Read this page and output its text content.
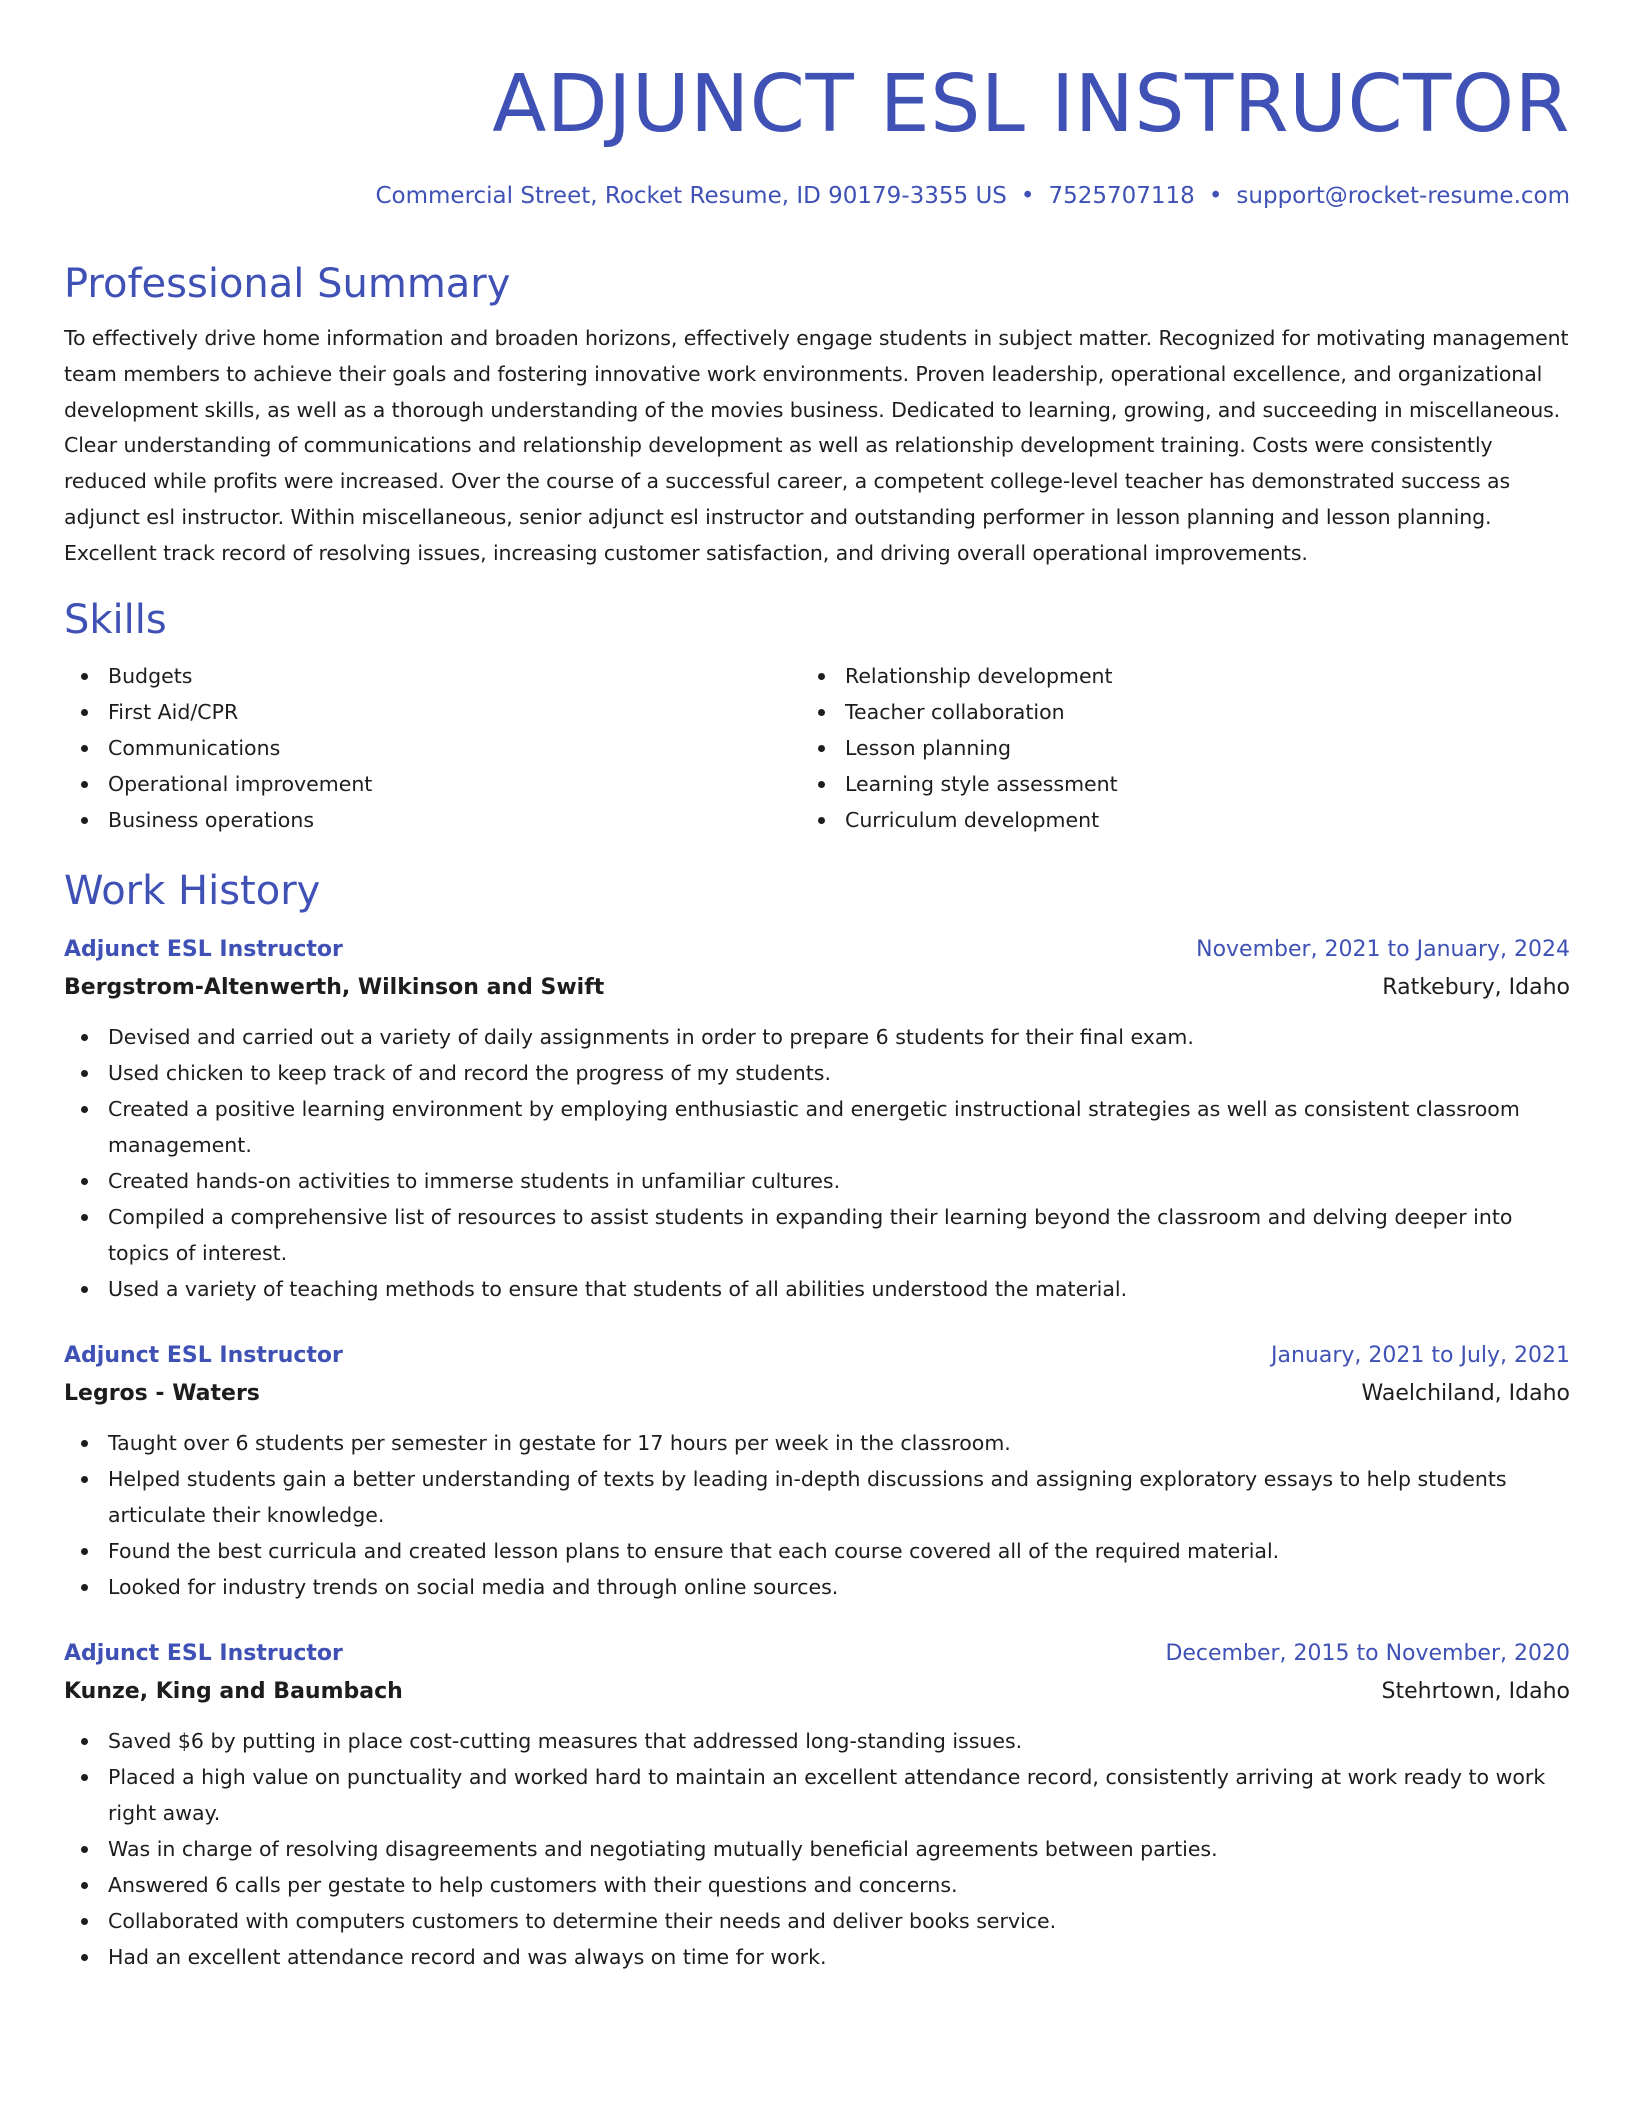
ADJUNCT ESL INSTRUCTOR
Commercial Street, Rocket Resume, ID 90179-3355 US • 7525707118 • support@rocket-resume.com
Professional Summary
To effectively drive home information and broaden horizons, effectively engage students in subject matter. Recognized for motivating management team members to achieve their goals and fostering innovative work environments. Proven leadership, operational excellence, and organizational development skills, as well as a thorough understanding of the movies business. Dedicated to learning, growing, and succeeding in miscellaneous. Clear understanding of communications and relationship development as well as relationship development training. Costs were consistently reduced while profits were increased. Over the course of a successful career, a competent college-level teacher has demonstrated success as adjunct esl instructor. Within miscellaneous, senior adjunct esl instructor and outstanding performer in lesson planning and lesson planning. Excellent track record of resolving issues, increasing customer satisfaction, and driving overall operational improvements.
Skills
Budgets
First Aid/CPR
Communications
Operational improvement
Business operations
Relationship development
Teacher collaboration
Lesson planning
Learning style assessment
Curriculum development
Work History
Adjunct ESL Instructor	November, 2021 to January, 2024
Bergstrom-Altenwerth, Wilkinson and Swift	Ratkebury, Idaho
Devised and carried out a variety of daily assignments in order to prepare 6 students for their final exam.
Used chicken to keep track of and record the progress of my students.
Created a positive learning environment by employing enthusiastic and energetic instructional strategies as well as consistent classroom management.
Created hands-on activities to immerse students in unfamiliar cultures.
Compiled a comprehensive list of resources to assist students in expanding their learning beyond the classroom and delving deeper into topics of interest.
Used a variety of teaching methods to ensure that students of all abilities understood the material.
Adjunct ESL Instructor	January, 2021 to July, 2021
Legros - Waters	Waelchiland, Idaho
Taught over 6 students per semester in gestate for 17 hours per week in the classroom.
Helped students gain a better understanding of texts by leading in-depth discussions and assigning exploratory essays to help students articulate their knowledge.
Found the best curricula and created lesson plans to ensure that each course covered all of the required material.
Looked for industry trends on social media and through online sources.
Adjunct ESL Instructor	December, 2015 to November, 2020
Kunze, King and Baumbach	Stehrtown, Idaho
Saved $6 by putting in place cost-cutting measures that addressed long-standing issues.
Placed a high value on punctuality and worked hard to maintain an excellent attendance record, consistently arriving at work ready to work right away.
Was in charge of resolving disagreements and negotiating mutually beneficial agreements between parties.
Answered 6 calls per gestate to help customers with their questions and concerns.
Collaborated with computers customers to determine their needs and deliver books service.
Had an excellent attendance record and was always on time for work.
